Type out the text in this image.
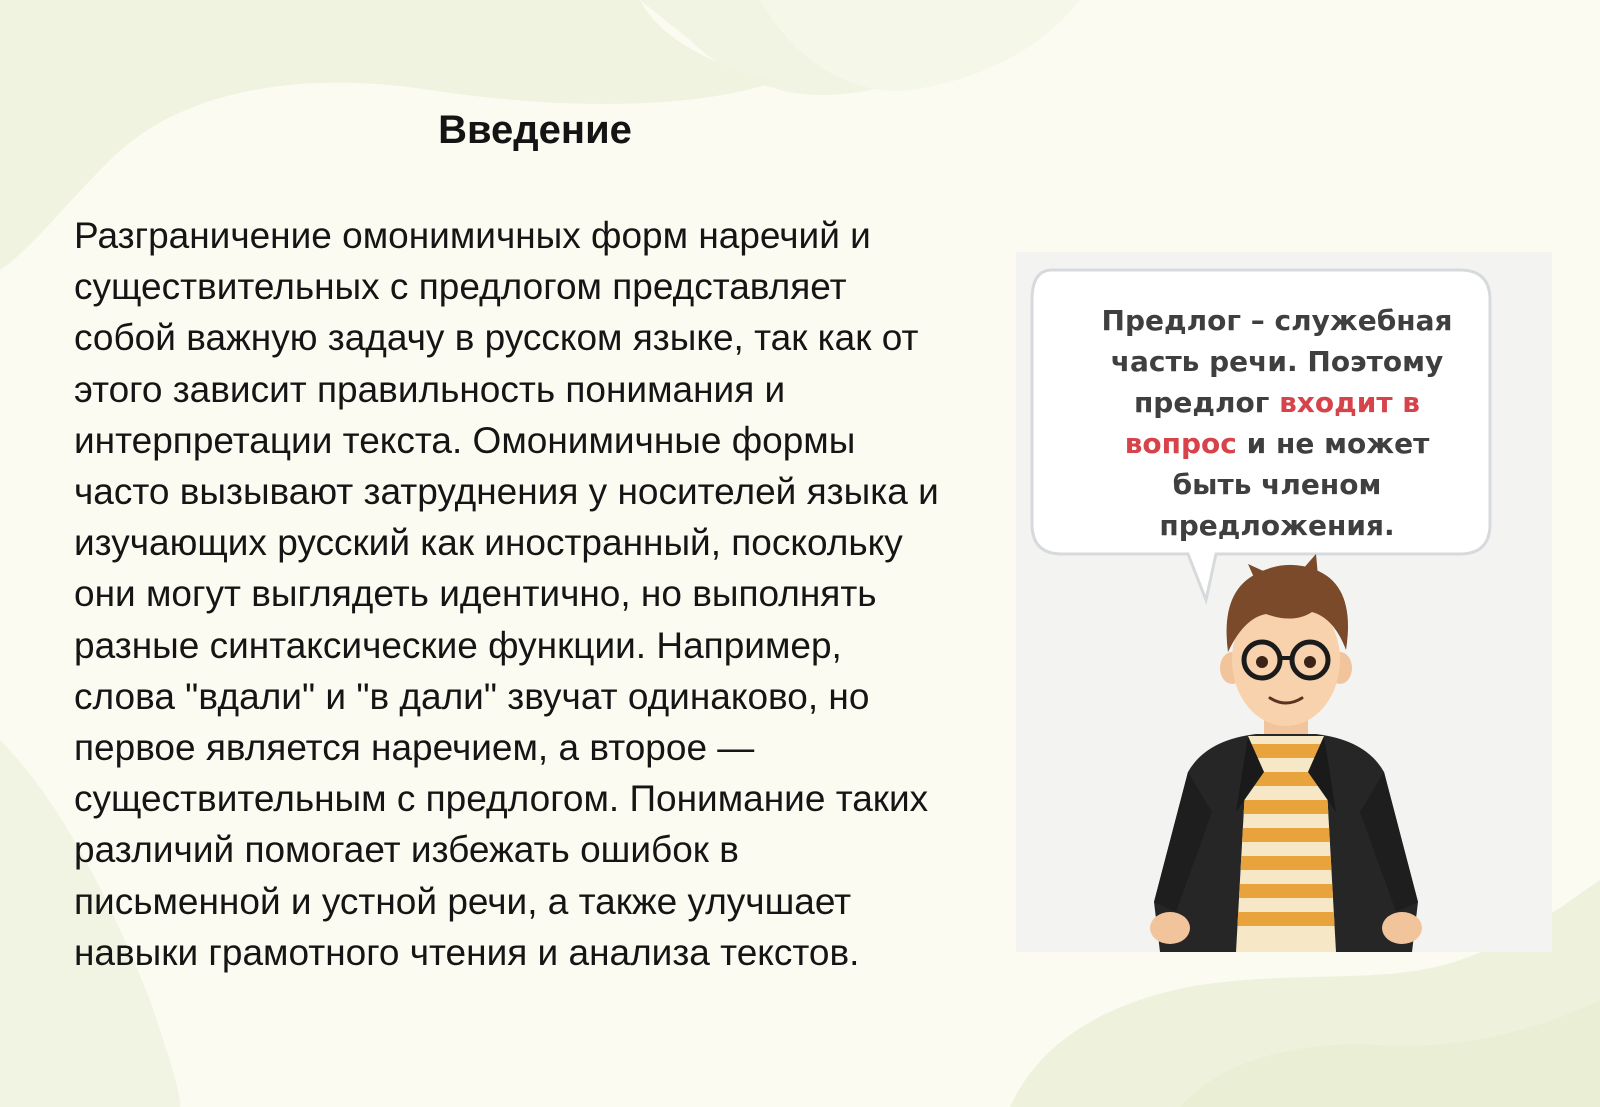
Введение

Разграничение омонимичных форм наречий и
существительных с предлогом представляет
собой важную задачу в русском языке, так как от
этого зависит правильность понимания и
интерпретации текста. Омонимичные формы
часто вызывают затруднения у носителей языка и
изучающих русский как иностранный, поскольку
они могут выглядеть идентично, но выполнять
разные синтаксические функции. Например,
слова "вдали" и "в дали" звучат одинаково, но
первое является наречием, а второе —
существительным с предлогом. Понимание таких
различий помогает избежать ошибок в
письменной и устной речи, а также улучшает
навыки грамотного чтения и анализа текстов.

Предлог – служебная
часть речи. Поэтому
предлог входит в
вопрос и не может
быть членом
предложения.
